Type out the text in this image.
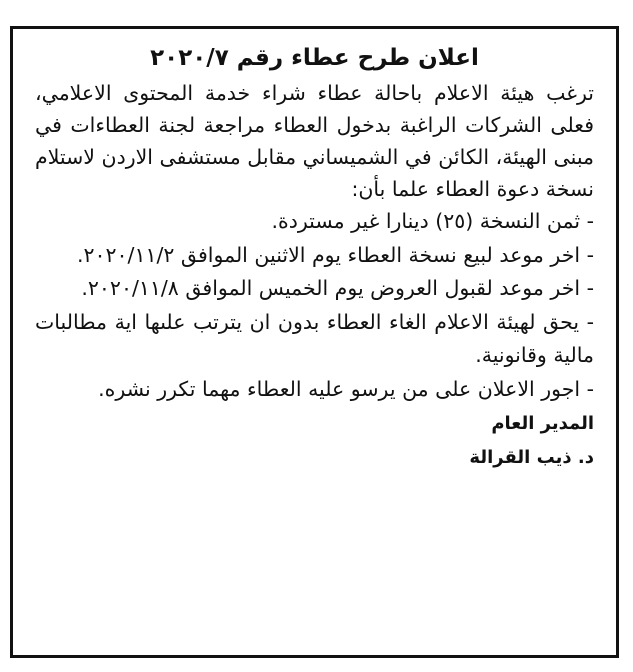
اعلان طرح عطاء رقم ٢٠٢٠/٧

ترغب هيئة الاعلام باحالة عطاء شراء خدمة المحتوى الاعلامي، فعلى الشركات الراغبة بدخول العطاء مراجعة لجنة العطاءات في مبنى الهيئة، الكائن في الشميساني مقابل مستشفى الاردن لاستلام نسخة دعوة العطاء علما بأن:

- ثمن النسخة (٢٥) دينارا غير مستردة.
- اخر موعد لبيع نسخة العطاء يوم الاثنين الموافق ٢٠٢٠/١١/٢.
- اخر موعد لقبول العروض يوم الخميس الموافق ٢٠٢٠/١١/٨.
- يحق لهيئة الاعلام الغاء العطاء بدون ان يترتب علىها اية مطالبات مالية وقانونية.
- اجور الاعلان على من يرسو عليه العطاء مهما تكرر نشره.
المدير العام
د. ذيب القرالة
